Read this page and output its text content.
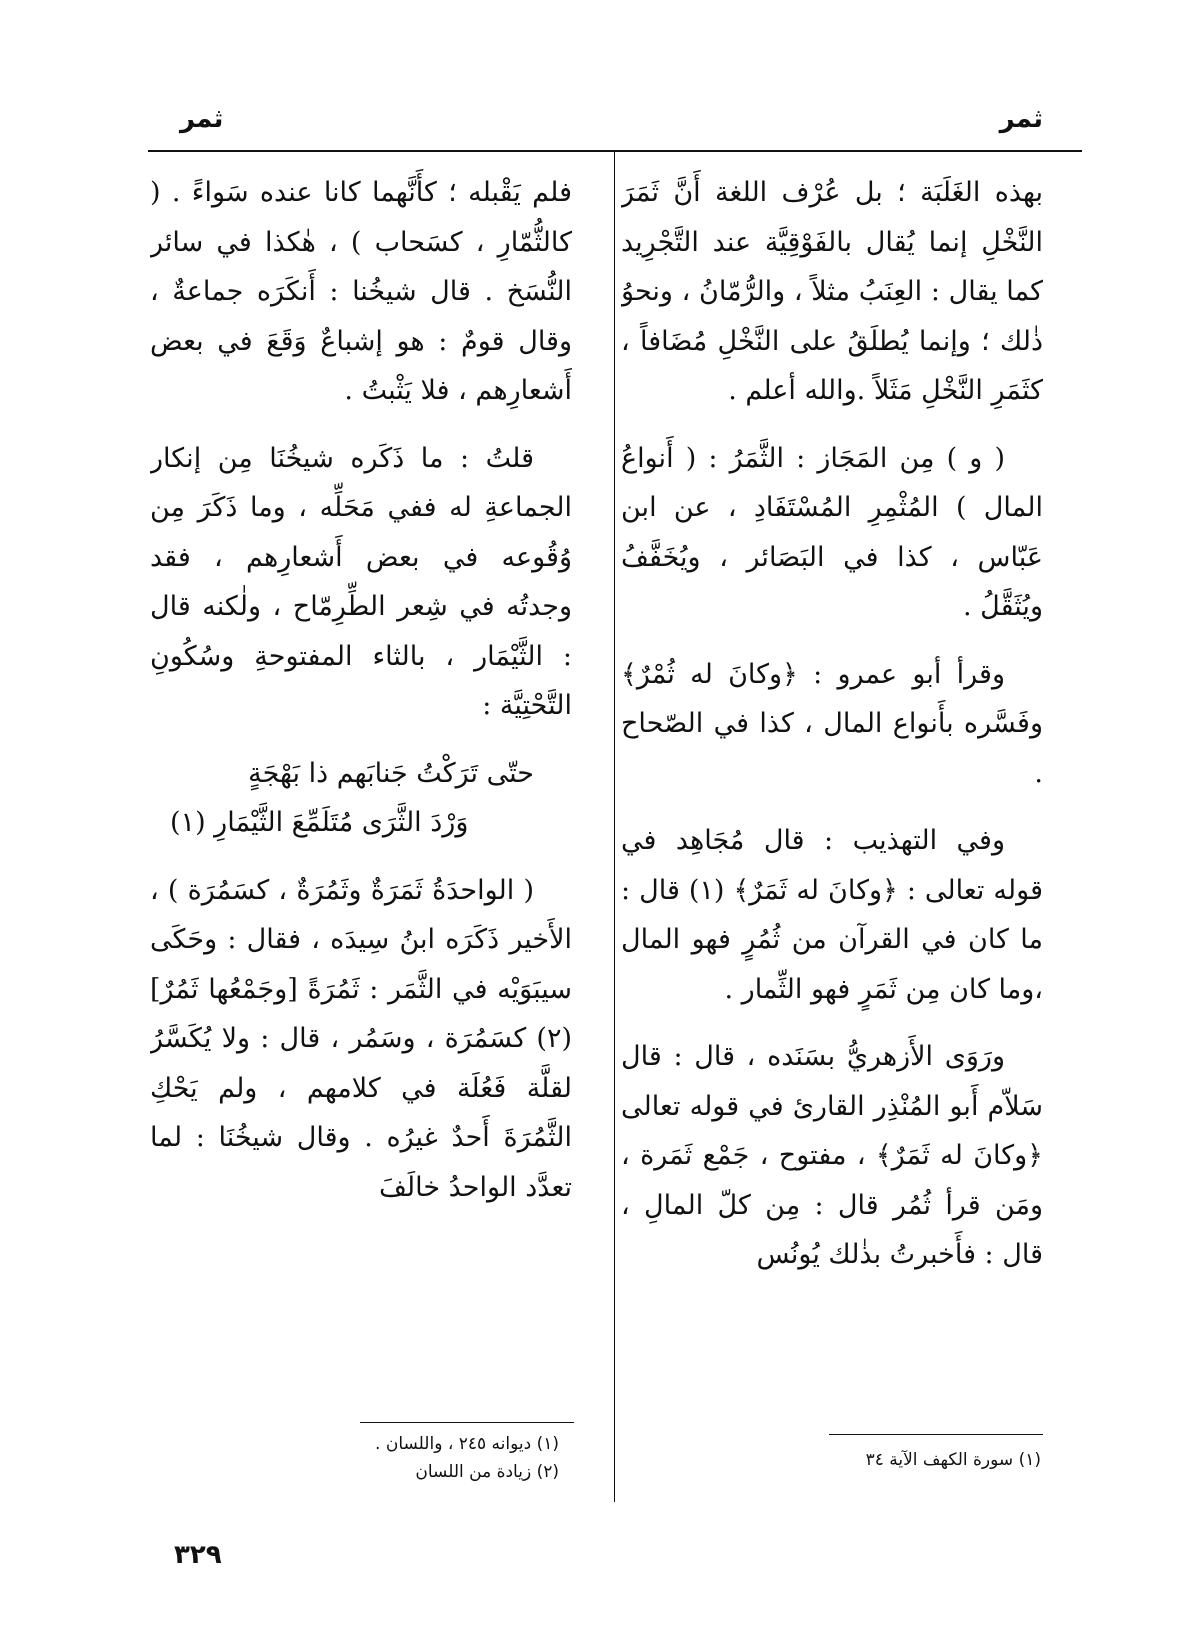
ثمر
ثمر

بهذه الغَلَبَة ؛ بل عُرْف اللغة أَنَّ ثَمَرَ النَّخْلِ إنما يُقال بالفَوْقِيَّة عند التَّجْرِيد كما يقال : العِنَبُ مثلاً ، والرُّمّانُ ، ونحوُ ذٰلك ؛ وإنما يُطلَقُ على النَّخْلِ مُضَافاً ، كثَمَرِ النَّخْلِ مَثَلاً .والله أعلم .

( و ) مِن المَجَاز : الثَّمَرُ : ( أَنواعُ المال ) المُثْمِرِ المُسْتَفَادِ ، عن ابن عَبّاس ، كذا في البَصَائر ، ويُخَفَّفُ ويُثَقَّلُ .

وقرأ أبو عمرو : ﴿وكانَ له ثُمْرٌ﴾ وفَسَّره بأَنواع المال ، كذا في الصّحاح .

وفي التهذيب : قال مُجَاهِد في قوله تعالى : ﴿وكانَ له ثَمَرٌ﴾ (١) قال : ما كان في القرآن من ثُمُرٍ فهو المال ،وما كان مِن ثَمَرٍ فهو الثِّمار .

ورَوَى الأَزهريُّ بسَنَده ، قال : قال سَلاّم أَبو المُنْذِر القارئ في قوله تعالى ﴿وكانَ له ثَمَرٌ﴾ ، مفتوح ، جَمْع ثَمَرة ، ومَن قرأ ثُمُر قال : مِن كلّ المالِ ، قال : فأَخبرتُ بذٰلك يُونُس

فلم يَقْبله ؛ كأَنَّهما كانا عنده سَواءً . ( كالثُّمّارِ ، كسَحاب ) ، هٰكذا في سائر النُّسَخ . قال شيخُنا : أَنكَرَه جماعةٌ ، وقال قومٌ : هو إشباعٌ وَقَعَ في بعض أَشعارِهم ، فلا يَثْبتُ .

قلتُ : ما ذَكَره شيخُنَا مِن إنكار الجماعةِ له ففي مَحَلِّه ، وما ذَكَرَ مِن وُقُوعه في بعض أَشعارِهم ، فقد وجدتُه في شِعر الطِّرِمّاح ، ولٰكنه قال : الثَّيْمَار ، بالثاء المفتوحةِ وسُكُونِ التَّحْتِيَّة :

حتّى تَرَكْتُ جَنابَهم ذا بَهْجَةٍ
وَرْدَ الثَّرَى مُتَلَمِّعَ الثَّيْمَارِ (١)

( الواحدَةُ ثَمَرَةٌ وثَمُرَةٌ ، كسَمُرَة ) ، الأَخير ذَكَرَه ابنُ سِيدَه ، فقال : وحَكَى سيبَوَيْه في الثَّمَر : ثَمُرَةً [وجَمْعُها ثَمُرٌ] (٢) كسَمُرَة ، وسَمُر ، قال : ولا يُكَسَّرُ لقلَّة فَعُلَة في كلامهم ، ولم يَحْكِ الثَّمُرَةَ أَحدٌ غيرُه . وقال شيخُنَا : لما تعدَّد الواحدُ خالَفَ

(١) سورة الكهف الآية ٣٤
(١) ديوانه ٢٤٥ ، واللسان .
(٢) زيادة من اللسان
٣٢٩
